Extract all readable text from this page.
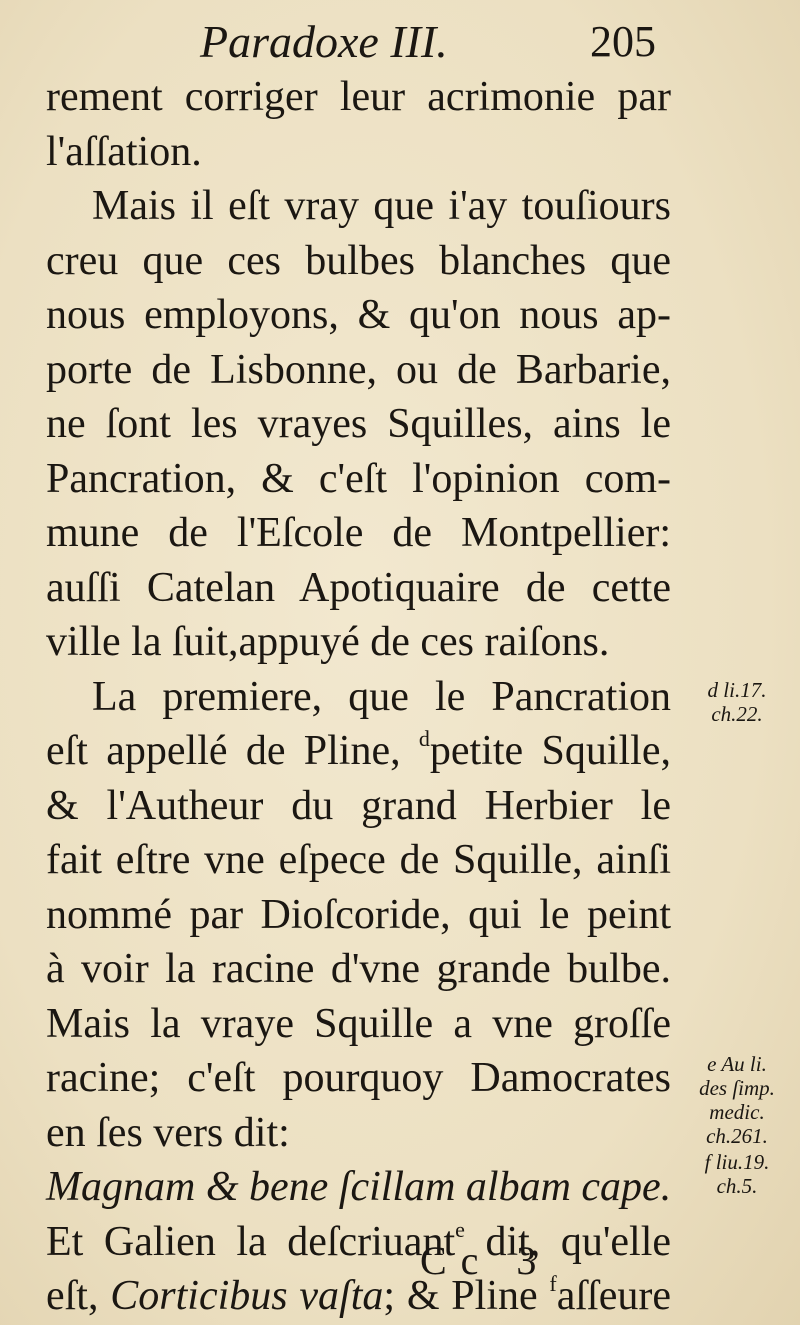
Paradoxe III.	205
rement corriger leur acrimonie par
l'aſſation.
Mais il eſt vray que i'ay touſiours
creu que ces bulbes blanches que
nous employons, & qu'on nous ap-
porte de Lisbonne, ou de Barbarie,
ne ſont les vrayes Squilles, ains le
Pancration, & c'eſt l'opinion com-
mune de l'Eſcole de Montpellier:
auſſi Catelan Apotiquaire de cette
ville la ſuit,appuyé de ces raiſons.
La premiere, que le Pancration
eſt appellé de Pline, $^d$petite Squille,
& l'Autheur du grand Herbier le
fait eſtre vne eſpece de Squille, ainſi
nommé par Dioſcoride, qui le peint
à voir la racine d'vne grande bulbe.
Mais la vraye Squille a vne groſſe
racine; c'eſt pourquoy Damocrates
en ſes vers dit:
Magnam & bene ſcillam albam cape.
Et Galien la deſcriuant$^e$ dit, qu'elle
eſt, Corticibus vaſta; & Pline $^f$aſſeure
d li.17.
ch.22.
e Au li.
des ſimp.
medic.
ch.261.
f liu.19.
ch.5.
Cc 3
